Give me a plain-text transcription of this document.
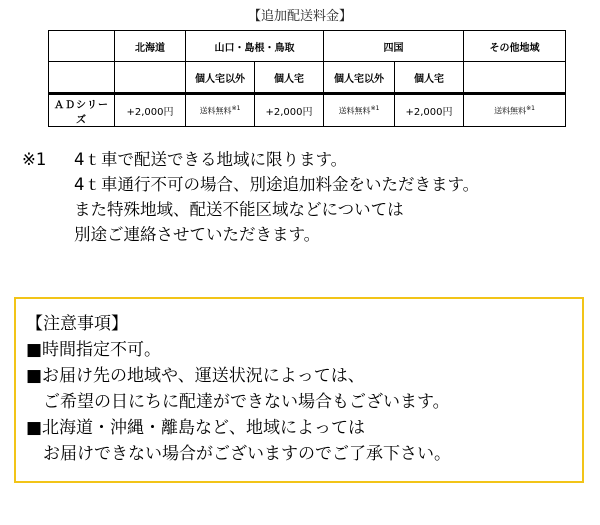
【追加配送料金】
	北海道	山口・島根・鳥取		四国		その他地域
		個人宅以外	個人宅	個人宅以外	個人宅	
ＡＤシリーズ	+2,000円	送料無料$^{※1}$	+2,000円	送料無料$^{※1}$	+2,000円	送料無料$^{※1}$
※1 4ｔ車で配送できる地域に限ります。
4ｔ車通行不可の場合、別途追加料金をいただきます。
また特殊地域、配送不能区域などについては
別途ご連絡させていただきます。
【注意事項】
■時間指定不可。
■お届け先の地域や、運送状況によっては、
　ご希望の日にちに配達ができない場合もございます。
■北海道・沖縄・離島など、地域によっては
　お届けできない場合がございますのでご了承下さい。
